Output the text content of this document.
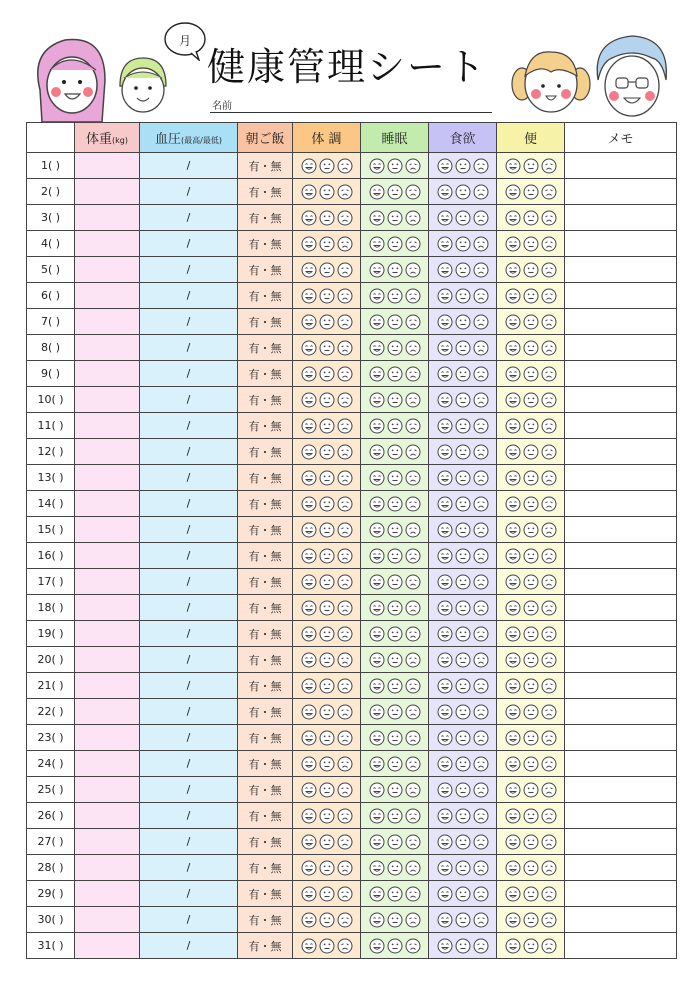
月
健康管理シート
名前
	体重(kg)	血圧(最高/最低)	朝ご飯	体 調	睡眠	食欲	便	メモ
1( )		/	有・無	

2( )		/	有・無	

3( )		/	有・無	

4( )		/	有・無	

5( )		/	有・無	

6( )		/	有・無	

7( )		/	有・無	

8( )		/	有・無	

9( )		/	有・無	

10( )		/	有・無	

11( )		/	有・無	

12( )		/	有・無	

13( )		/	有・無	

14( )		/	有・無	

15( )		/	有・無	

16( )		/	有・無	

17( )		/	有・無	

18( )		/	有・無	

19( )		/	有・無	

20( )		/	有・無	

21( )		/	有・無	

22( )		/	有・無	

23( )		/	有・無	

24( )		/	有・無	

25( )		/	有・無	

26( )		/	有・無	

27( )		/	有・無	

28( )		/	有・無	

29( )		/	有・無	

30( )		/	有・無	

31( )		/	有・無	
